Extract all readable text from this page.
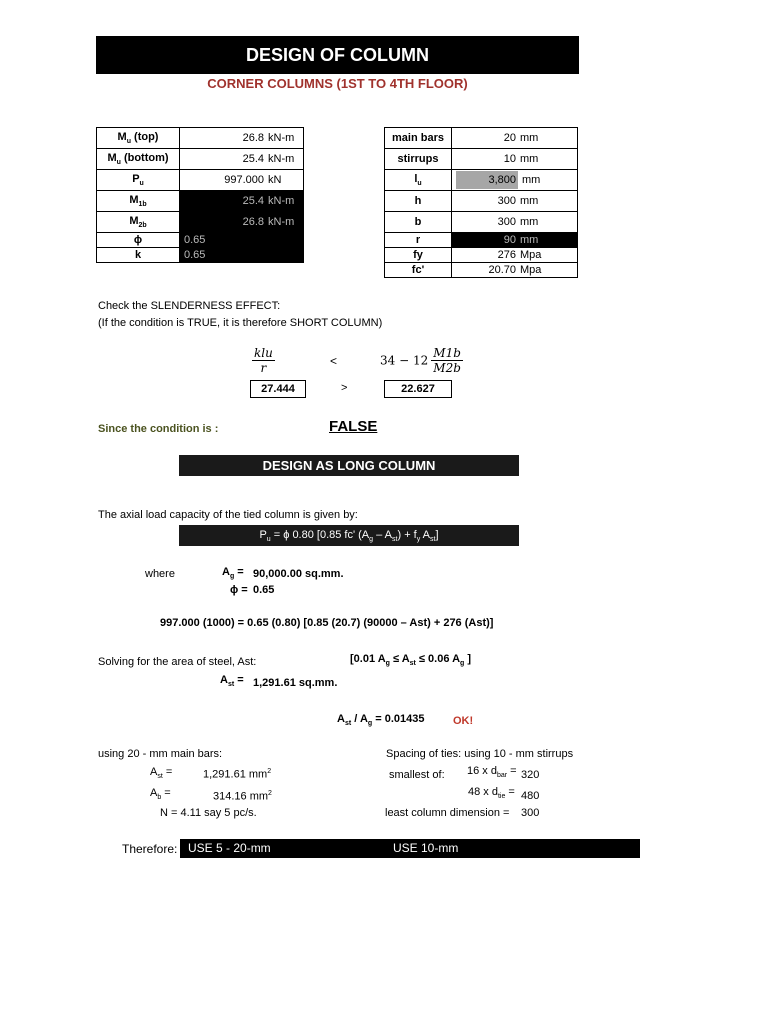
DESIGN OF COLUMN
CORNER COLUMNS (1ST TO 4TH FLOOR)
$M_u$ (top)	26.8 kN-m
$M_u$ (bottom)	25.4 kN-m
$P_u$	997.000 kN
$M_{1b}$	25.4 kN-m
$M_{2b}$	26.8 kN-m
ϕ	0.65
k	0.65
main bars	20 mm
stirrups	10 mm
$l_u$	3,800 mm
h	300 mm
b	300 mm
r	90 mm
fy	276 Mpa
fc'	20.70 Mpa
Check the SLENDERNESS EFFECT:
(If the condition is TRUE, it is therefore SHORT COLUMN)
$\frac{\text{klu}}{r}$	<	$34 - 12 \frac{M1b}{M2b}$
27.444	>	22.627
Since the condition is :	FALSE
DESIGN AS LONG COLUMN
The axial load capacity of the tied column is given by:
$P_u = \phi$ 0.80 [0.85 fc' $(A_g - A_{st}) + f_y$ $A_{st}$]
where	$A_g = 90,000.00$ sq.mm.
ϕ = 0.65
997.000 (1000) = 0.65 (0.80) [0.85 (20.7) (90000 – Ast) + 276 (Ast)]
Solving for the area of steel, Ast:	[0.01 $A_g \le A_{st} \le 0.06$ $A_g$ ]
$A_{st} = 1,291.61$ sq.mm.
$A_{st} / A_g = 0.01435$	OK!
using 20 - mm main bars:
$A_{st}$ =	1,291.61 $mm^2$
$A_b$ =	314.16 $mm^2$
N = 4.11 say 5 pc/s.
Spacing of ties: using 10 - mm stirrups
smallest of: 16 x $d_{bar} = 320$
48 x $d_{tie} = 480$
least column dimension = 300
Therefore: USE 5 - 20-mm	USE 10-mm
